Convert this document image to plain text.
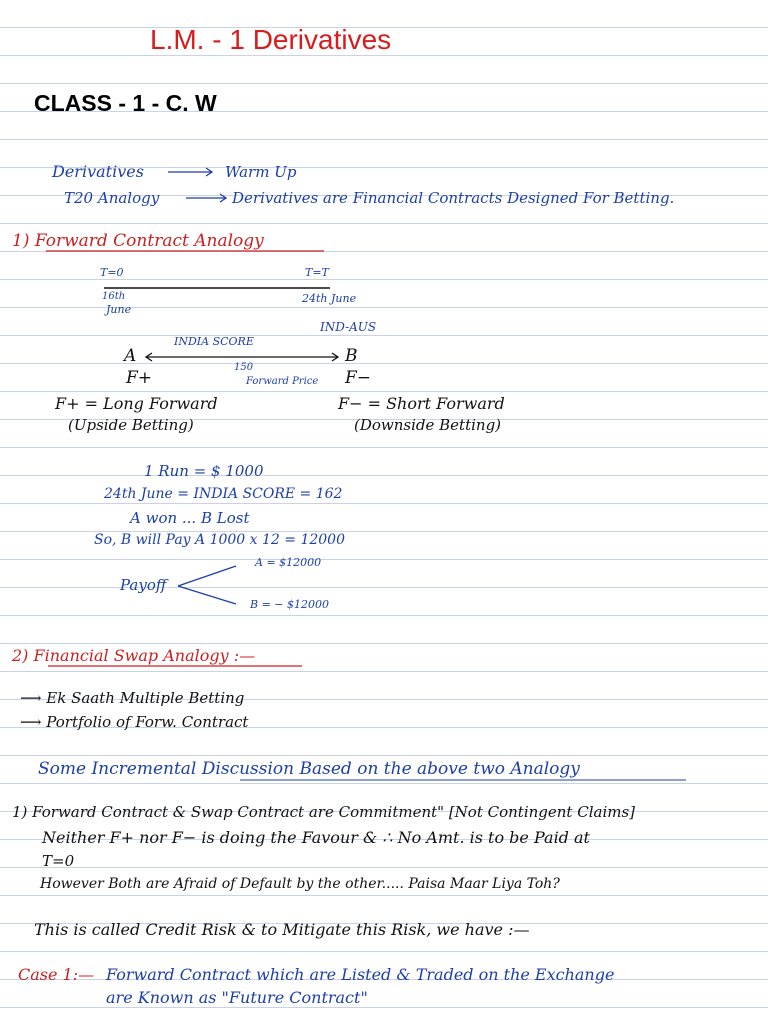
L.M. - 1 Derivatives
CLASS - 1 - C. W
Derivatives	Warm Up
T20 Analogy	Derivatives are Financial Contracts Designed For Betting.
1) Forward Contract Analogy
T=0	T=T
16th
June
24th June
IND-AUS
INDIA SCORE
A	B
150
Forward Price
F+	F−
F+ = Long Forward
(Upside Betting)
F− = Short Forward
(Downside Betting)
1 Run = $ 1000
24th June = INDIA SCORE = 162
A won ... B Lost
So, B will Pay A 1000 x 12 = 12000
Payoff
A = $12000
B = − $12000
2) Financial Swap Analogy :—
⟶ Ek Saath Multiple Betting
⟶ Portfolio of Forw. Contract
Some Incremental Discussion Based on the above two Analogy
1) Forward Contract & Swap Contract are Commitment" [Not Contingent Claims]
Neither F+ nor F− is doing the Favour & ∴ No Amt. is to be Paid at
T=0
However Both are Afraid of Default by the other..... Paisa Maar Liya Toh?
This is called Credit Risk & to Mitigate this Risk, we have :—
Case 1:— Forward Contract which are Listed & Traded on the Exchange
are Known as "Future Contract"
